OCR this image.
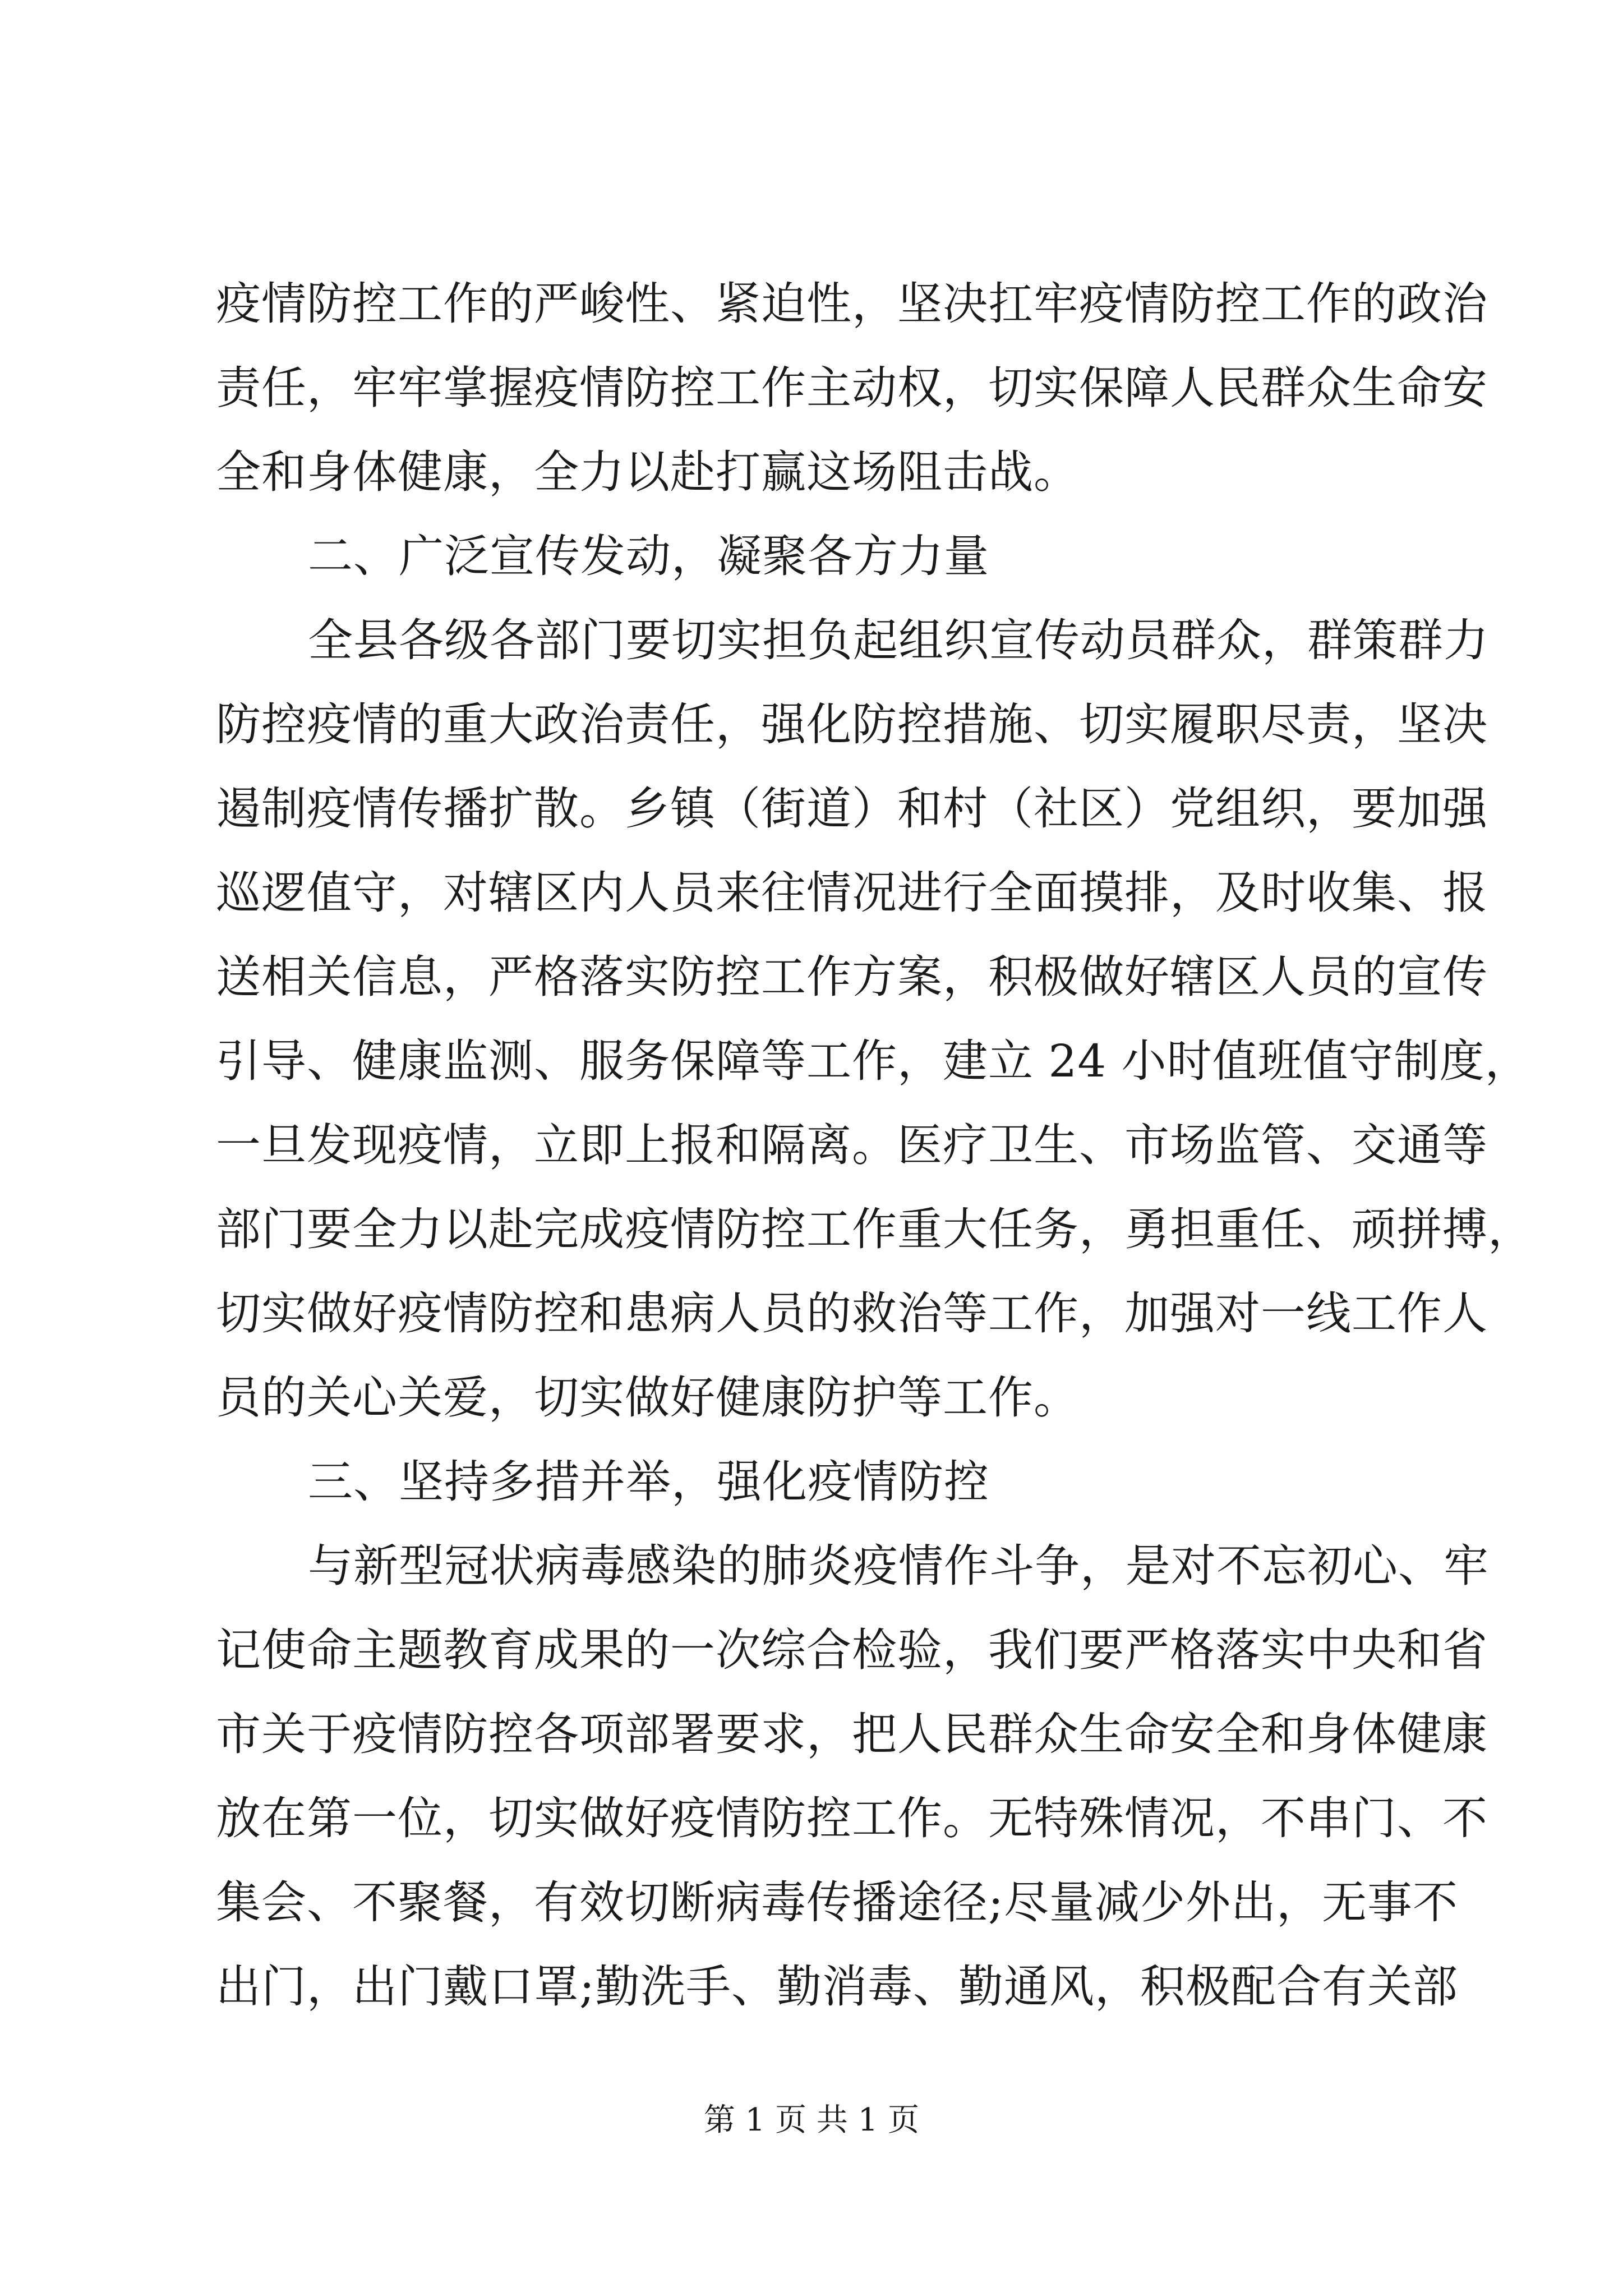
疫情防控工作的严峻性、紧迫性，坚决扛牢疫情防控工作的政治
责任，牢牢掌握疫情防控工作主动权，切实保障人民群众生命安
全和身体健康，全力以赴打赢这场阻击战。
二、广泛宣传发动，凝聚各方力量
全县各级各部门要切实担负起组织宣传动员群众，群策群力
防控疫情的重大政治责任，强化防控措施、切实履职尽责，坚决
遏制疫情传播扩散。乡镇（街道）和村（社区）党组织，要加强
巡逻值守，对辖区内人员来往情况进行全面摸排，及时收集、报
送相关信息，严格落实防控工作方案，积极做好辖区人员的宣传
引导、健康监测、服务保障等工作，建立 24 小时值班值守制度，
一旦发现疫情，立即上报和隔离。医疗卫生、市场监管、交通等
部门要全力以赴完成疫情防控工作重大任务，勇担重任、顽拼搏，
切实做好疫情防控和患病人员的救治等工作，加强对一线工作人
员的关心关爱，切实做好健康防护等工作。
三、坚持多措并举，强化疫情防控
与新型冠状病毒感染的肺炎疫情作斗争，是对不忘初心、牢
记使命主题教育成果的一次综合检验，我们要严格落实中央和省
市关于疫情防控各项部署要求，把人民群众生命安全和身体健康
放在第一位，切实做好疫情防控工作。无特殊情况，不串门、不
集会、不聚餐，有效切断病毒传播途径;尽量减少外出，无事不
出门，出门戴口罩;勤洗手、勤消毒、勤通风，积极配合有关部
第 1 页 共 1 页
